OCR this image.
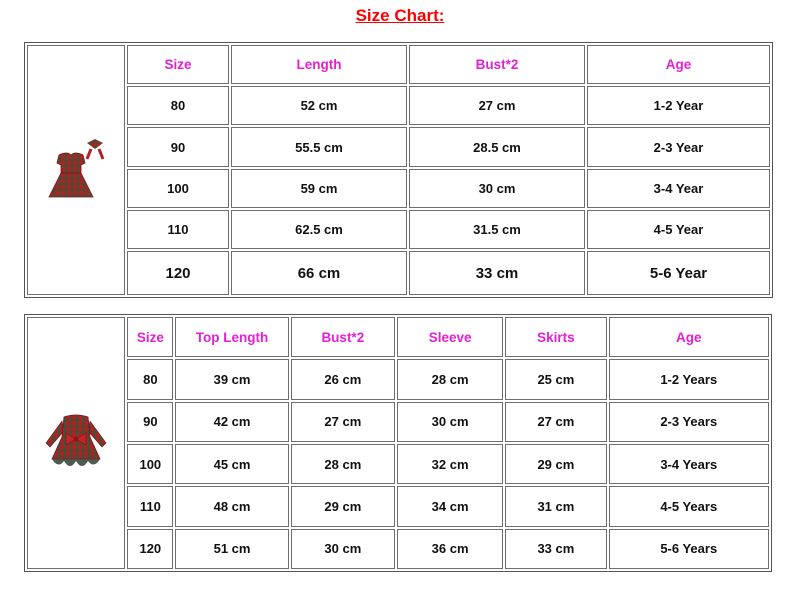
Size Chart:
	Size	Length	Bust*2	Age
	80	52 cm	27 cm	1-2 Year
	90	55.5 cm	28.5 cm	2-3 Year
	100	59 cm	30 cm	3-4 Year
	110	62.5 cm	31.5 cm	4-5 Year
	120	66 cm	33 cm	5-6 Year
	Size	Top Length	Bust*2	Sleeve	Skirts	Age
	80	39 cm	26 cm	28 cm	25 cm	1-2 Years
	90	42 cm	27 cm	30 cm	27 cm	2-3 Years
	100	45 cm	28 cm	32 cm	29 cm	3-4 Years
	110	48 cm	29 cm	34 cm	31 cm	4-5 Years
	120	51 cm	30 cm	36 cm	33 cm	5-6 Years
